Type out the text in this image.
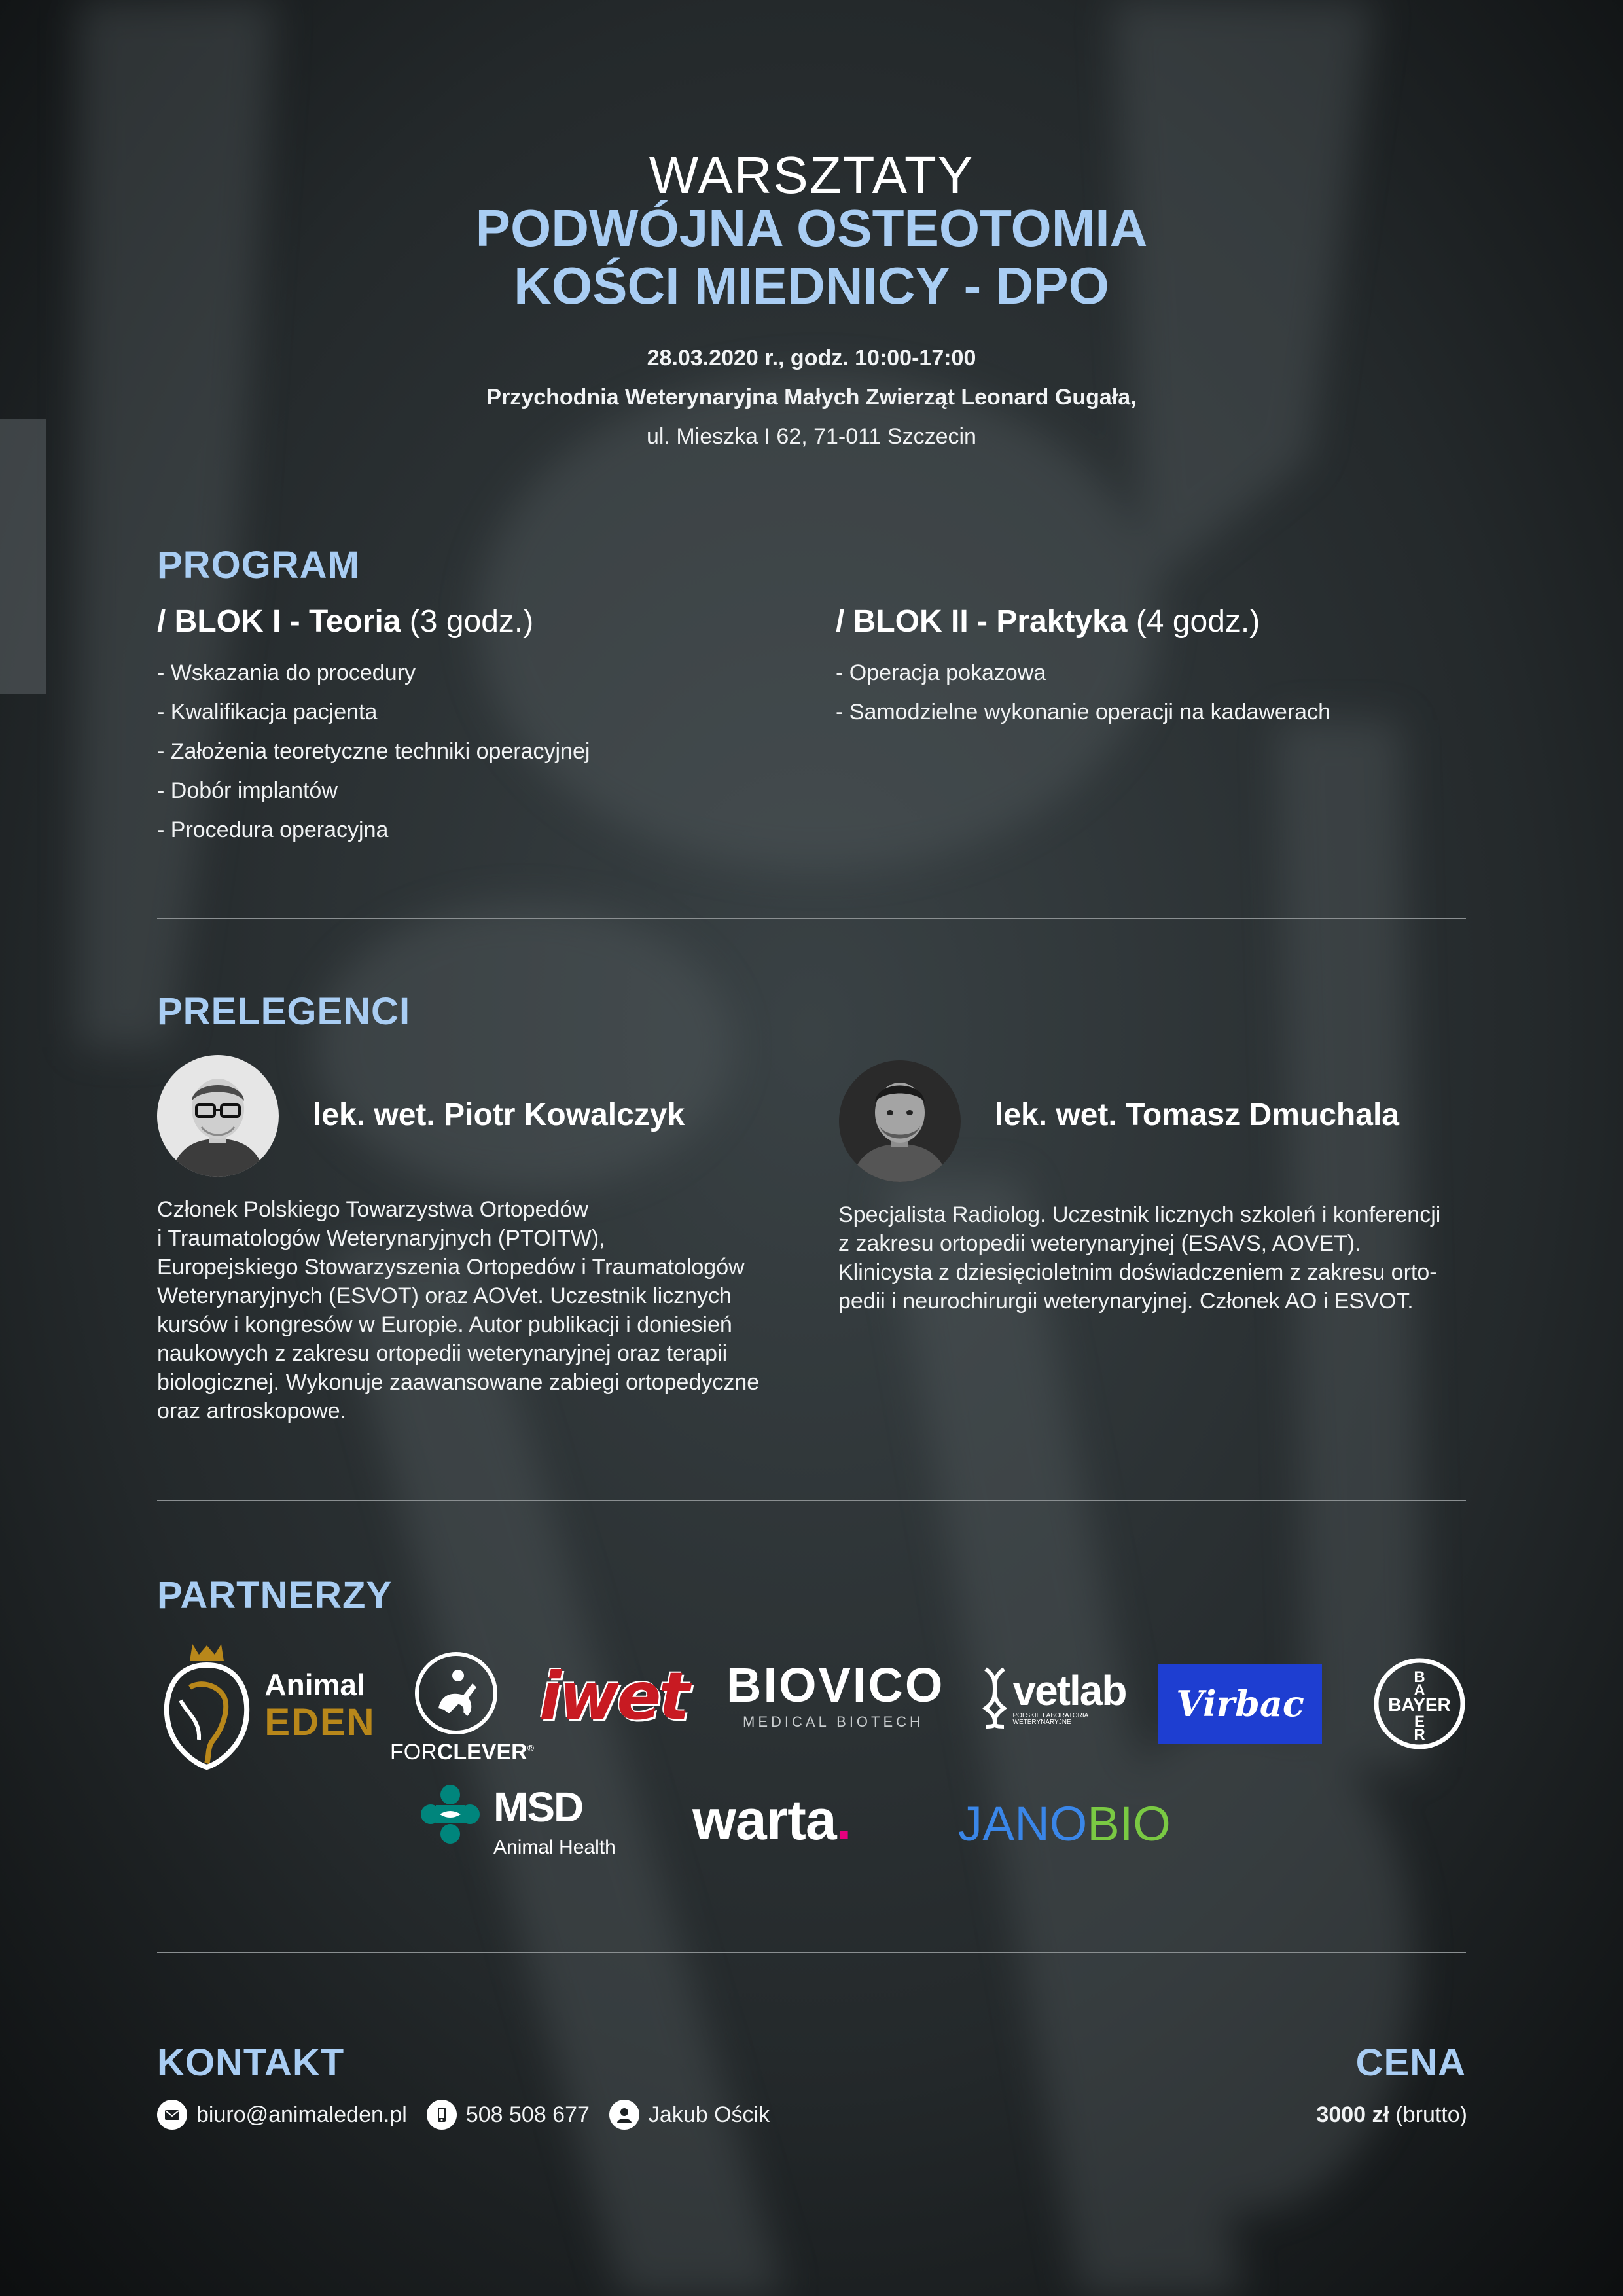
WARSZTATY
PODWÓJNA OSTEOTOMIA
KOŚCI MIEDNICY - DPO
28.03.2020 r., godz. 10:00-17:00
Przychodnia Weterynaryjna Małych Zwierząt Leonard Gugała,
ul. Mieszka I 62, 71-011 Szczecin
PROGRAM
/ BLOK I - Teoria (3 godz.)
- Wskazania do procedury
- Kwalifikacja pacjenta
- Założenia teoretyczne techniki operacyjnej
- Dobór implantów
- Procedura operacyjna
/ BLOK II - Praktyka (4 godz.)
- Operacja pokazowa
- Samodzielne wykonanie operacji na kadawerach
PRELEGENCI
lek. wet. Piotr Kowalczyk
Członek Polskiego Towarzystwa Ortopedów
i Traumatologów Weterynaryjnych (PTOITW),
Europejskiego Stowarzyszenia Ortopedów i Traumatologów
Weterynaryjnych (ESVOT) oraz AOVet. Uczestnik licznych
kursów i kongresów w Europie. Autor publikacji i doniesień
naukowych z zakresu ortopedii weterynaryjnej oraz terapii
biologicznej. Wykonuje zaawansowane zabiegi ortopedyczne
oraz artroskopowe.
lek. wet. Tomasz Dmuchala
Specjalista Radiolog. Uczestnik licznych szkoleń i konferencji
z zakresu ortopedii weterynaryjnej (ESAVS, AOVET).
Klinicysta z dziesięcioletnim doświadczeniem z zakresu orto-
pedii i neurochirurgii weterynaryjnej. Członek AO i ESVOT.
PARTNERZY
Animal
EDEN
FORCLEVER®
iwet BIOVICO
MEDICAL BIOTECH
vetlab
POLSKIE LABORATORIA
WETERYNARYJNE	Virbac	BAYER
B
A
E
R
MSD
Animal Health warta.	JANOBIO
KONTAKT
biuro@animaleden.pl	508 508 677	Jakub Ościk
CENA
3000 zł (brutto)
